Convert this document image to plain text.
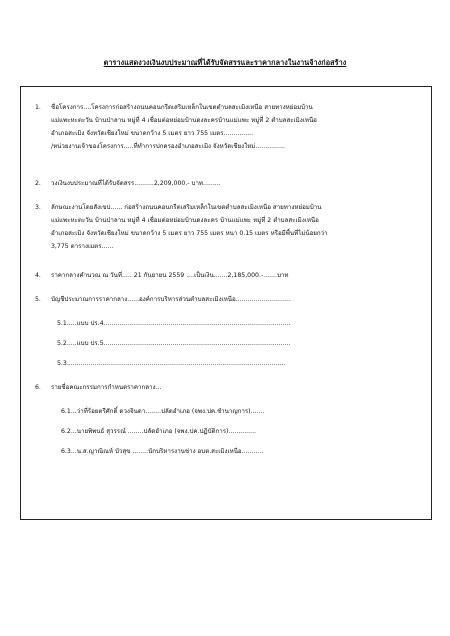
ตารางแสดงวงเงินงบประมาณที่ได้รับจัดสรรและราคากลางในงานจ้างก่อสร้าง
1.	ชื่อโครงการ....โครงการก่อสร้างถนนคอนกรีตเสริมเหล็กในเขตตำบลสะเมิงเหนือ สายทางหย่อมบ้าน
แม่แพะหะตะวัน บ้านป่าลาน หมู่ที่ 4 เชื่อมต่อหย่อมบ้านดงละครบ้านแม่แพะ หมู่ที่ 2 ตำบลสะเมิงเหนือ
อำเภอสะเมิง จังหวัดเชียงใหม่ ขนาดกว้าง 5 เมตร ยาว 755 เมตร...............
/หน่วยงานเจ้าของโครงการ.....ที่ทำการปกครองอำเภอสะเมิง จังหวัดเชียงใหม่...............
2.	วงเงินงบประมาณที่ได้รับจัดสรร..........2,209,000.- บาท.........
3.	ลักษณะงานโดยสังเขป...... ก่อสร้างถนนคอนกรีตเสริมเหล็กในเขตตำบลสะเมิงเหนือ สายทางหย่อมบ้าน
แม่แพะหะตะวัน บ้านป่าลาน หมู่ที่ 4 เชื่อมต่อหย่อมบ้านดงละคร บ้านแม่แพะ หมู่ที่ 2 ตำบลสะเมิงเหนือ
อำเภอสะเมิง จังหวัดเชียงใหม่ ขนาดกว้าง 5 เมตร ยาว 755 เมตร หนา 0.15 เมตร หรือมีพื้นที่ไม่น้อยกว่า
3,775 ตารางเมตร......
4.	ราคากลางคำนวณ ณ วันที่..... 21 กันยายน 2559 ....เป็นเงิน.......2,185,000.-.......บาท
5.	บัญชีประมาณการราคากลาง......องค์การบริหารส่วนตำบลสะเมิงเหนือ............................
5.1.....แบบ ปร.4...............................................................................................
5.2.....แบบ ปร.5...............................................................................................
5.3...............................................................................................................
6.	รายชื่อคณะกรรมการกำหนดราคากลาง...
6.1...ว่าที่ร้อยตรีศักดิ์ ดวงจินดา........ปลัดอำเภอ (จพง.ปค.ชำนาญการ).......
6.2...นายพิพนธ์ สุวรรณ์ ........ปลัดอำเภอ (จพง.ปค.ปฏิบัติการ)..............
6.3...น.ส.ญาณิณห์ บัวสุข ........นักบริหารงานช่าง อบต.สะเมิงเหนือ...........
